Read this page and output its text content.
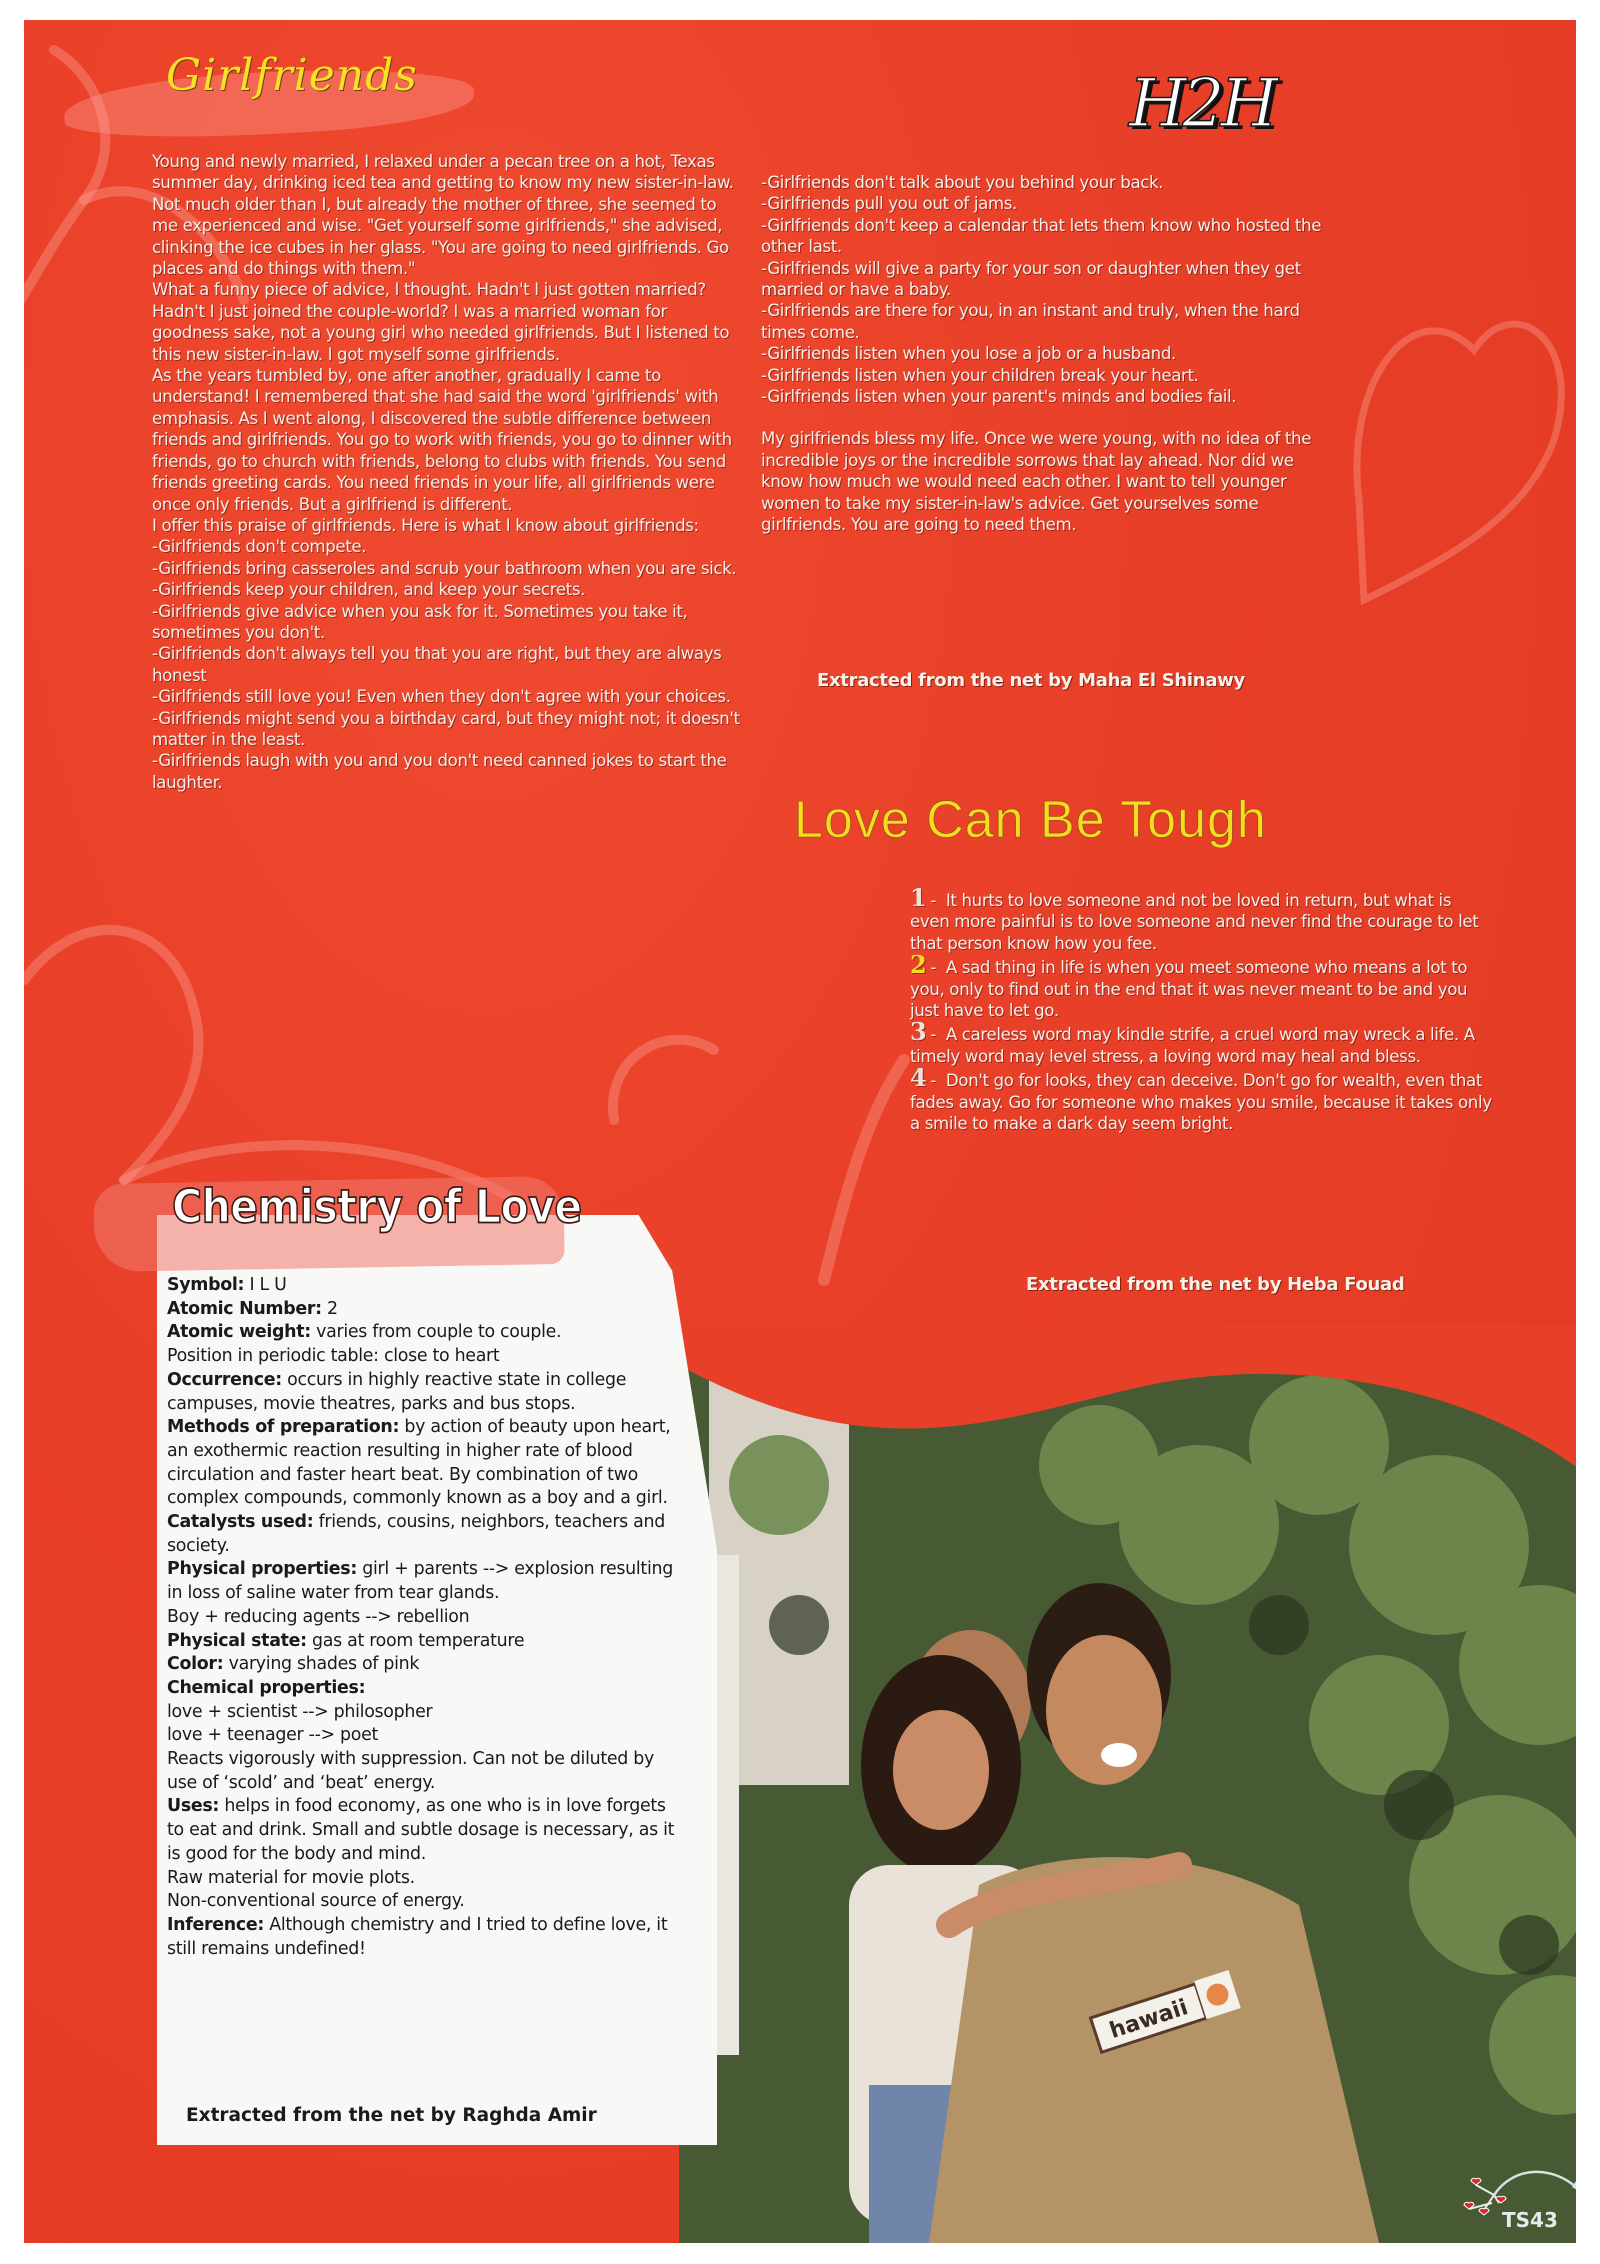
Girlfriends	H2H

Young and newly married, I relaxed under a pecan tree on a hot, Texas summer day, drinking iced tea and getting to know my new sister-in-law. Not much older than I, but already the mother of three, she seemed to me experienced and wise. "Get yourself some girlfriends," she advised, clinking the ice cubes in her glass. "You are going to need girlfriends. Go places and do things with them."

What a funny piece of advice, I thought. Hadn't I just gotten married? Hadn't I just joined the couple-world? I was a married woman for goodness sake, not a young girl who needed girlfriends. But I listened to this new sister-in-law. I got myself some girlfriends.

As the years tumbled by, one after another, gradually I came to understand! I remembered that she had said the word 'girlfriends' with emphasis. As I went along, I discovered the subtle difference between friends and girlfriends. You go to work with friends, you go to dinner with friends, go to church with friends, belong to clubs with friends. You send friends greeting cards. You need friends in your life, all girlfriends were once only friends. But a girlfriend is different.

I offer this praise of girlfriends. Here is what I know about girlfriends:

-Girlfriends don't compete.

-Girlfriends bring casseroles and scrub your bathroom when you are sick.

-Girlfriends keep your children, and keep your secrets.

-Girlfriends give advice when you ask for it. Sometimes you take it, sometimes you don't.

-Girlfriends don't always tell you that you are right, but they are always honest

-Girlfriends still love you! Even when they don't agree with your choices.

-Girlfriends might send you a birthday card, but they might not; it doesn't matter in the least.

-Girlfriends laugh with you and you don't need canned jokes to start the laughter.

-Girlfriends don't talk about you behind your back.

-Girlfriends pull you out of jams.

-Girlfriends don't keep a calendar that lets them know who hosted the other last.

-Girlfriends will give a party for your son or daughter when they get married or have a baby.

-Girlfriends are there for you, in an instant and truly, when the hard times come.

-Girlfriends listen when you lose a job or a husband.

-Girlfriends listen when your children break your heart.

-Girlfriends listen when your parent's minds and bodies fail.

My girlfriends bless my life. Once we were young, with no idea of the incredible joys or the incredible sorrows that lay ahead. Nor did we know how much we would need each other. I want to tell younger women to take my sister-in-law's advice. Get yourselves some girlfriends. You are going to need them.

Extracted from the net by Maha El Shinawy
Love Can Be Tough

1 - It hurts to love someone and not be loved in return, but what is even more painful is to love someone and never find the courage to let that person know how you fee.

2 - A sad thing in life is when you meet someone who means a lot to you, only to find out in the end that it was never meant to be and you just have to let go.

3 - A careless word may kindle strife, a cruel word may wreck a life. A timely word may level stress, a loving word may heal and bless.

4 - Don't go for looks, they can deceive. Don't go for wealth, even that fades away. Go for someone who makes you smile, because it takes only a smile to make a dark day seem bright.

Extracted from the net by Heba Fouad
hawaii
Chemistry of Love

Symbol: I L U

Atomic Number: 2

Atomic weight: varies from couple to couple.

Position in periodic table: close to heart

Occurrence: occurs in highly reactive state in college campuses, movie theatres, parks and bus stops.

Methods of preparation: by action of beauty upon heart, an exothermic reaction resulting in higher rate of blood circulation and faster heart beat. By combination of two complex compounds, commonly known as a boy and a girl.

Catalysts used: friends, cousins, neighbors, teachers and society.

Physical properties: girl + parents --> explosion resulting in loss of saline water from tear glands.

Boy + reducing agents --> rebellion

Physical state: gas at room temperature

Color: varying shades of pink

Chemical properties:

love + scientist --> philosopher

love + teenager --> poet

Reacts vigorously with suppression. Can not be diluted by use of ‘scold’ and ‘beat’ energy.

Uses: helps in food economy, as one who is in love forgets to eat and drink. Small and subtle dosage is necessary, as it is good for the body and mind.

Raw material for movie plots.

Non-conventional source of energy.

Inference: Although chemistry and I tried to define love, it still remains undefined!

Extracted from the net by Raghda Amir
TS43
